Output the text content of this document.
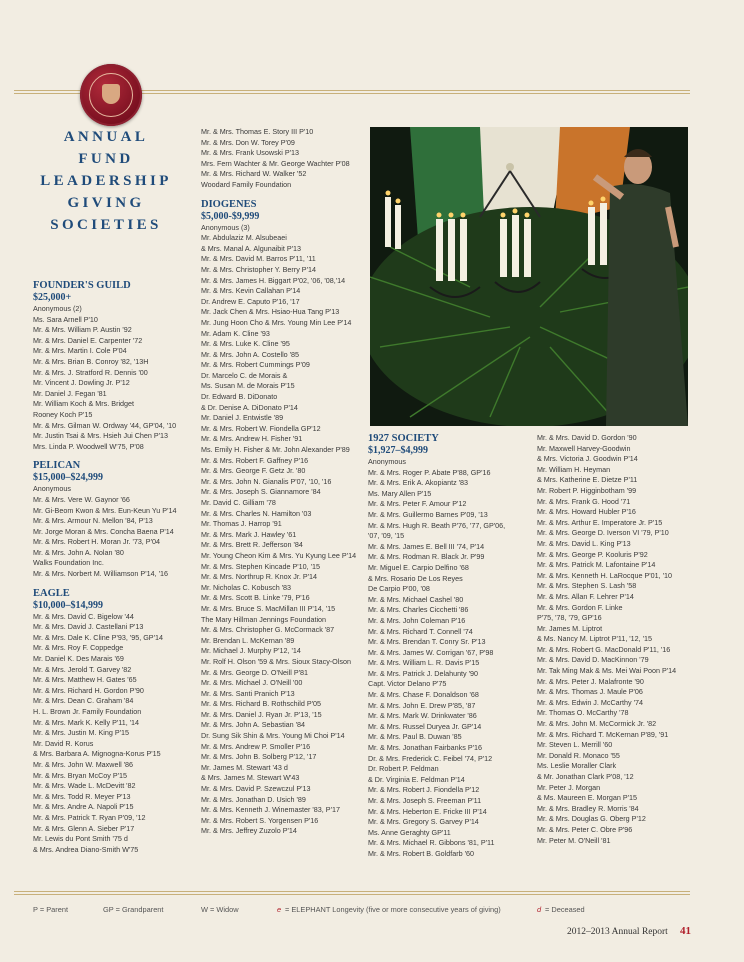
ANNUAL
FUND
LEADERSHIP
GIVING
SOCIETIES
FOUNDER'S GUILD
$25,000+
Anonymous (2)
Ms. Sara Arnell P'10
Mr. & Mrs. William P. Austin '92
Mr. & Mrs. Daniel E. Carpenter '72
Mr. & Mrs. Martin I. Cole P'04
Mr. & Mrs. Brian B. Conroy '82, '13H
Mr. & Mrs. J. Stratford R. Dennis '00
Mr. Vincent J. Dowling Jr. P'12
Mr. Daniel J. Fegan '81
Mr. William Koch & Mrs. Bridget
Rooney Koch P'15
Mr. & Mrs. Gilman W. Ordway '44, GP'04, '10
Mr. Justin Tsai & Mrs. Hsieh Jui Chen P'13
Mrs. Linda P. Woodwell W'75, P'08
PELICAN
$15,000–$24,999
Anonymous
Mr. & Mrs. Vere W. Gaynor '66
Mr. Gi-Beom Kwon & Mrs. Eun-Keun Yu P'14
Mr. & Mrs. Armour N. Mellon '84, P'13
Mr. Jorge Moran & Mrs. Concha Baena P'14
Mr. & Mrs. Robert H. Moran Jr. '73, P'04
Mr. & Mrs. John A. Nolan '80
Walks Foundation Inc.
Mr. & Mrs. Norbert M. Williamson P'14, '16
EAGLE
$10,000–$14,999
Mr. & Mrs. David C. Bigelow '44
Mr. & Mrs. David J. Castellani P'13
Mr. & Mrs. Dale K. Cline P'93, '95, GP'14
Mr. & Mrs. Roy F. Coppedge
Mr. Daniel K. Des Marais '69
Mr. & Mrs. Jerold T. Garvey '82
Mr. & Mrs. Matthew H. Gates '65
Mr. & Mrs. Richard H. Gordon P'90
Mr. & Mrs. Dean C. Graham '84
H. L. Brown Jr. Family Foundation
Mr. & Mrs. Mark K. Kelly P'11, '14
Mr. & Mrs. Justin M. King P'15
Mr. David R. Korus
& Mrs. Barbara A. Mignogna-Korus P'15
Mr. & Mrs. John W. Maxwell '86
Mr. & Mrs. Bryan McCoy P'15
Mr. & Mrs. Wade L. McDevitt '82
Mr. & Mrs. Todd R. Meyer P'13
Mr. & Mrs. Andre A. Napoli P'15
Mr. & Mrs. Patrick T. Ryan P'09, '12
Mr. & Mrs. Glenn A. Sieber P'17
Mr. Lewis du Pont Smith '75 d
& Mrs. Andrea Diano-Smith W'75
Mr. & Mrs. Thomas E. Story III P'10
Mr. & Mrs. Don W. Torey P'09
Mr. & Mrs. Frank Usowski P'13
Mrs. Fern Wachter & Mr. George Wachter P'08
Mr. & Mrs. Richard W. Walker '52
Woodard Family Foundation
DIOGENES
$5,000-$9,999
Anonymous (3)
Mr. Abdulaziz M. Alsubeaei
& Mrs. Manal A. Algunaibit P'13
Mr. & Mrs. David M. Barros P'11, '11
Mr. & Mrs. Christopher Y. Berry P'14
Mr. & Mrs. James H. Biggart P'02, '06, '08,'14
Mr. & Mrs. Kevin Callahan P'14
Dr. Andrew E. Caputo P'16, '17
Mr. Jack Chen & Mrs. Hsiao-Hua Tang P'13
Mr. Jung Hoon Cho & Mrs. Young Min Lee P'14
Mr. Adam K. Cline '93
Mr. & Mrs. Luke K. Cline '95
Mr. & Mrs. John A. Costello '85
Mr. & Mrs. Robert Cummings P'09
Dr. Marcelo C. de Morais &
Ms. Susan M. de Morais P'15
Dr. Edward B. DiDonato
& Dr. Denise A. DiDonato P'14
Mr. Daniel J. Entwistle '89
Mr. & Mrs. Robert W. Fiondella GP'12
Mr. & Mrs. Andrew H. Fisher '91
Ms. Emily H. Fisher & Mr. John Alexander P'89
Mr. & Mrs. Robert F. Gaffney P'16
Mr. & Mrs. George F. Getz Jr. '80
Mr. & Mrs. John N. Gianalis P'07, '10, '16
Mr. & Mrs. Joseph S. Giannamore '84
Mr. David C. Gilliam '78
Mr. & Mrs. Charles N. Hamilton '03
Mr. Thomas J. Harrop '91
Mr. & Mrs. Mark J. Hawley '61
Mr. & Mrs. Brett R. Jefferson '84
Mr. Young Cheon Kim & Mrs. Yu Kyung Lee P'14
Mr. & Mrs. Stephen Kincade P'10, '15
Mr. & Mrs. Northrup R. Knox Jr. P'14
Mr. Nicholas C. Kobusch '83
Mr. & Mrs. Scott B. Linke '79, P'16
Mr. & Mrs. Bruce S. MacMillan III P'14, '15
The Mary Hillman Jennings Foundation
Mr. & Mrs. Christopher G. McCormack '87
Mr. Brendan L. McKernan '89
Mr. Michael J. Murphy P'12, '14
Mr. Rolf H. Olson '59 & Mrs. Sioux Stacy-Olson
Mr. & Mrs. George D. O'Neill P'81
Mr. & Mrs. Michael J. O'Neill '00
Mr. & Mrs. Santi Pranich P'13
Mr. & Mrs. Richard B. Rothschild P'05
Mr. & Mrs. Daniel J. Ryan Jr. P'13, '15
Mr. & Mrs. John A. Sebastian '84
Dr. Sung Sik Shin & Mrs. Young Mi Choi P'14
Mr. & Mrs. Andrew P. Smoller P'16
Mr. & Mrs. John B. Solberg P'12, '17
Mr. James M. Stewart '43 d
& Mrs. James M. Stewart W'43
Mr. & Mrs. David P. Szewczul P'13
Mr. & Mrs. Jonathan D. Usich '89
Mr. & Mrs. Kenneth J. Winemaster '83, P'17
Mr. & Mrs. Robert S. Yorgensen P'16
Mr. & Mrs. Jeffrey Zuzolo P'14
1927 SOCIETY
$1,927–$4,999
Anonymous
Mr. & Mrs. Roger P. Abate P'88, GP'16
Mr. & Mrs. Erik A. Akopiantz '83
Ms. Mary Allen P'15
Mr. & Mrs. Peter F. Amour P'12
Mr. & Mrs. Guillermo Barnes P'09, '13
Mr. & Mrs. Hugh R. Beath P'76, '77, GP'06,
'07, '09, '15
Mr. & Mrs. James E. Bell III '74, P'14
Mr. & Mrs. Rodman R. Black Jr. P'99
Mr. Miguel E. Carpio Delfino '68
& Mrs. Rosario De Los Reyes
De Carpio P'00, '08
Mr. & Mrs. Michael Cashel '80
Mr. & Mrs. Charles Cicchetti '86
Mr. & Mrs. John Coleman P'16
Mr. & Mrs. Richard T. Connell '74
Mr. & Mrs. Brendan T. Conry Sr. P'13
Mr. & Mrs. James W. Corrigan '67, P'98
Mr. & Mrs. William L. R. Davis P'15
Mr. & Mrs. Patrick J. Delahunty '90
Capt. Victor Delano P'75
Mr. & Mrs. Chase F. Donaldson '68
Mr. & Mrs. John E. Drew P'85, '87
Mr. & Mrs. Mark W. Drinkwater '86
Mr. & Mrs. Russel Duryea Jr. GP'14
Mr. & Mrs. Paul B. Duwan '85
Mr. & Mrs. Jonathan Fairbanks P'16
Dr. & Mrs. Frederick C. Feibel '74, P'12
Dr. Robert P. Feldman
& Dr. Virginia E. Feldman P'14
Mr. & Mrs. Robert J. Fiondella P'12
Mr. & Mrs. Joseph S. Freeman P'11
Mr. & Mrs. Heberton E. Fricke III P'14
Mr. & Mrs. Gregory S. Garvey P'14
Ms. Anne Geraghty GP'11
Mr. & Mrs. Michael R. Gibbons '81, P'11
Mr. & Mrs. Robert B. Goldfarb '60
Mr. & Mrs. David D. Gordon '90
Mr. Maxwell Harvey-Goodwin
& Mrs. Victoria J. Goodwin P'14
Mr. William H. Heyman
& Mrs. Katherine E. Dietze P'11
Mr. Robert P. Higginbotham '99
Mr. & Mrs. Frank G. Hood '71
Mr. & Mrs. Howard Hubler P'16
Mr. & Mrs. Arthur E. Imperatore Jr. P'15
Mr. & Mrs. George D. Iverson VI '79, P'10
Mr. & Mrs. David L. King P'13
Mr. & Mrs. George P. Kooluris P'92
Mr. & Mrs. Patrick M. Lafontaine P'14
Mr. & Mrs. Kenneth H. LaRocque P'01, '10
Mr. & Mrs. Stephen S. Lash '58
Mr. & Mrs. Allan F. Lehrer P'14
Mr. & Mrs. Gordon F. Linke
P'75, '78, '79, GP'16
Mr. James M. Liptrot
& Ms. Nancy M. Liptrot P'11, '12, '15
Mr. & Mrs. Robert G. MacDonald P'11, '16
Mr. & Mrs. David D. MacKinnon '79
Mr. Tak Ming Mak & Ms. Mei Wai Poon P'14
Mr. & Mrs. Peter J. Malafronte '90
Mr. & Mrs. Thomas J. Maule P'06
Mr. & Mrs. Edwin J. McCarthy '74
Mr. Thomas O. McCarthy '78
Mr. & Mrs. John M. McCormick Jr. '82
Mr. & Mrs. Richard T. McKernan P'89, '91
Mr. Steven L. Merrill '60
Mr. Donald R. Monaco '55
Ms. Leslie Moraller Clark
& Mr. Jonathan Clark P'08, '12
Mr. Peter J. Morgan
& Ms. Maureen E. Morgan P'15
Mr. & Mrs. Bradley R. Morris '84
Mr. & Mrs. Douglas G. Oberg P'12
Mr. & Mrs. Peter C. Obre P'96
Mr. Peter M. O'Neill '81
P = Parent	GP = Grandparent	W = Widow	e = ELEPHANT Longevity (five or more consecutive years of giving)	d = Deceased
2012–2013 Annual Report 41
